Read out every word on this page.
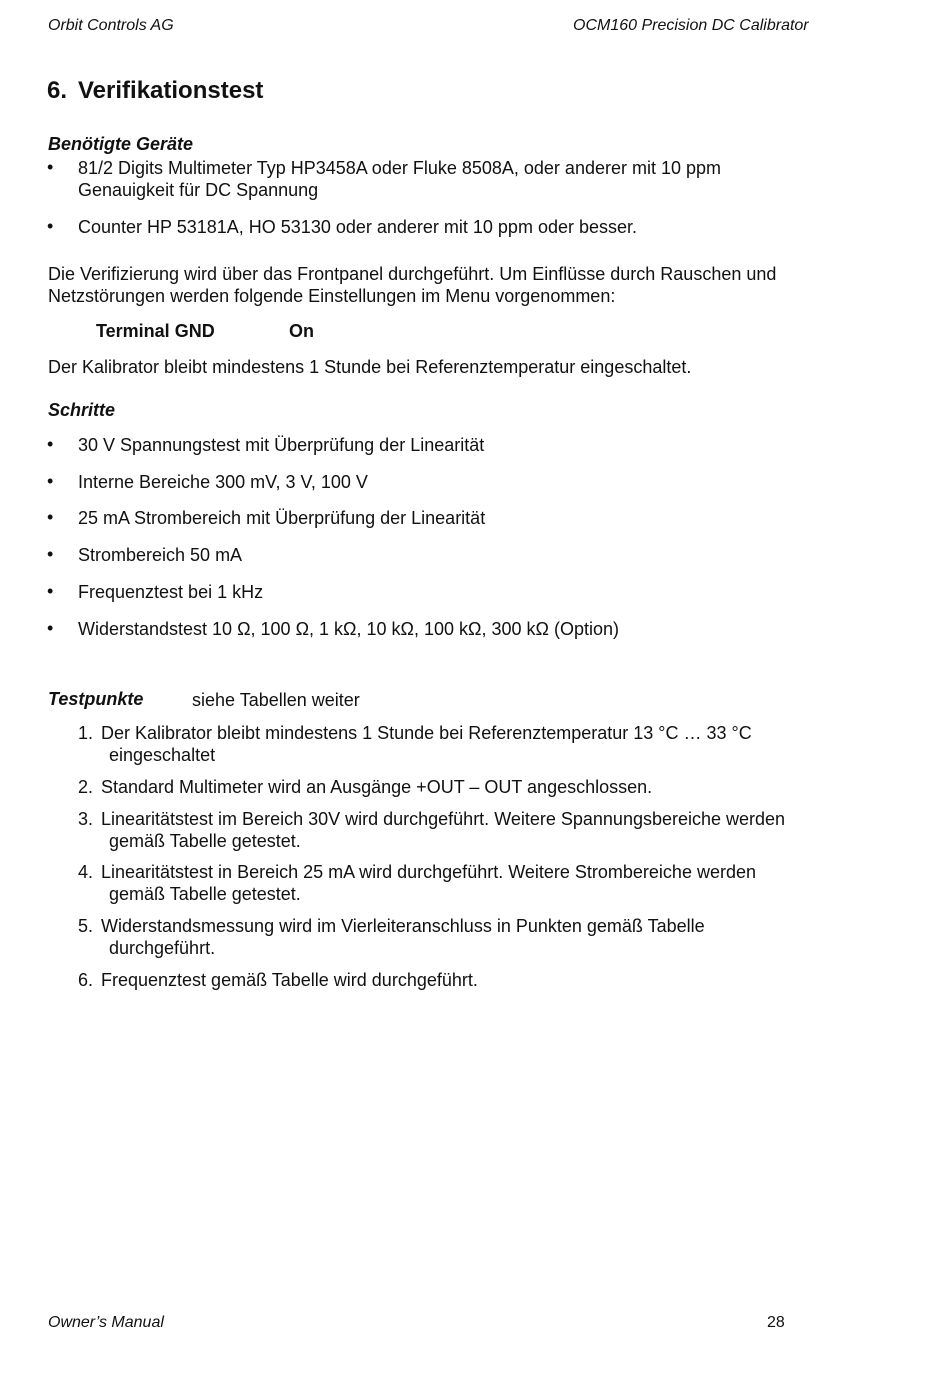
Orbit Controls AG	OCM160 Precision DC Calibrator
6. Verifikationstest
Benötigte Geräte
• 81/2 Digits Multimeter Typ HP3458A oder Fluke 8508A, oder anderer mit 10 ppm
Genauigkeit für DC Spannung
• Counter HP 53181A, HO 53130 oder anderer mit 10 ppm oder besser.
Die Verifizierung wird über das Frontpanel durchgeführt. Um Einflüsse durch Rauschen und
Netzstörungen werden folgende Einstellungen im Menu vorgenommen:
Terminal GND	On
Der Kalibrator bleibt mindestens 1 Stunde bei Referenztemperatur eingeschaltet.
Schritte
• 30 V Spannungstest mit Überprüfung der Linearität
• Interne Bereiche 300 mV, 3 V, 100 V
• 25 mA Strombereich mit Überprüfung der Linearität
• Strombereich 50 mA
• Frequenztest bei 1 kHz
• Widerstandstest 10 Ω, 100 Ω, 1 kΩ, 10 kΩ, 100 kΩ, 300 kΩ (Option)
Testpunkte	siehe Tabellen weiter
1. Der Kalibrator bleibt mindestens 1 Stunde bei Referenztemperatur 13 °C … 33 °C
eingeschaltet
2. Standard Multimeter wird an Ausgänge +OUT – OUT angeschlossen.
3. Linearitätstest im Bereich 30V wird durchgeführt. Weitere Spannungsbereiche werden
gemäß Tabelle getestet.
4. Linearitätstest in Bereich 25 mA wird durchgeführt. Weitere Strombereiche werden
gemäß Tabelle getestet.
5. Widerstandsmessung wird im Vierleiteranschluss in Punkten gemäß Tabelle
durchgeführt.
6. Frequenztest gemäß Tabelle wird durchgeführt.
Owner’s Manual	28
